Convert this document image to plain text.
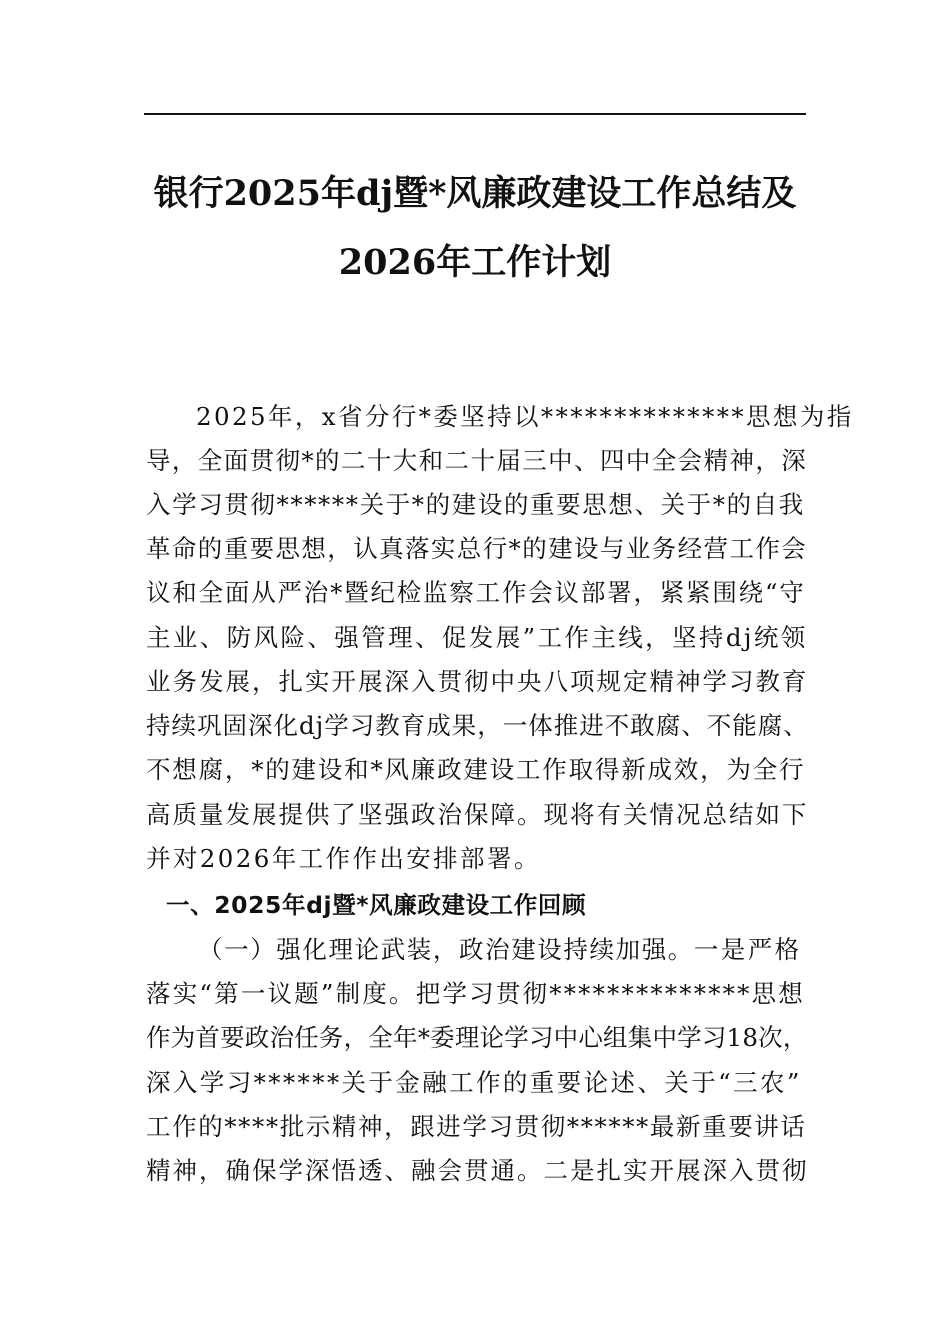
银行2025年dj暨*风廉政建设工作总结及
2026年工作计划
2025年，x省分行*委坚持以**************思想为指
导，全面贯彻*的二十大和二十届三中、四中全会精神，深
入学习贯彻******关于*的建设的重要思想、关于*的自我
革命的重要思想，认真落实总行*的建设与业务经营工作会
议和全面从严治*暨纪检监察工作会议部署，紧紧围绕“守
主业、防风险、强管理、促发展”工作主线，坚持dj统领
业务发展，扎实开展深入贯彻中央八项规定精神学习教育
持续巩固深化dj学习教育成果，一体推进不敢腐、不能腐、
不想腐，*的建设和*风廉政建设工作取得新成效，为全行
高质量发展提供了坚强政治保障。现将有关情况总结如下
并对2026年工作作出安排部署。
一、2025年dj暨*风廉政建设工作回顾
（一）强化理论武装，政治建设持续加强。一是严格
落实“第一议题”制度。把学习贯彻**************思想
作为首要政治任务，全年*委理论学习中心组集中学习18次，
深入学习******关于金融工作的重要论述、关于“三农”
工作的****批示精神，跟进学习贯彻******最新重要讲话
精神，确保学深悟透、融会贯通。二是扎实开展深入贯彻
